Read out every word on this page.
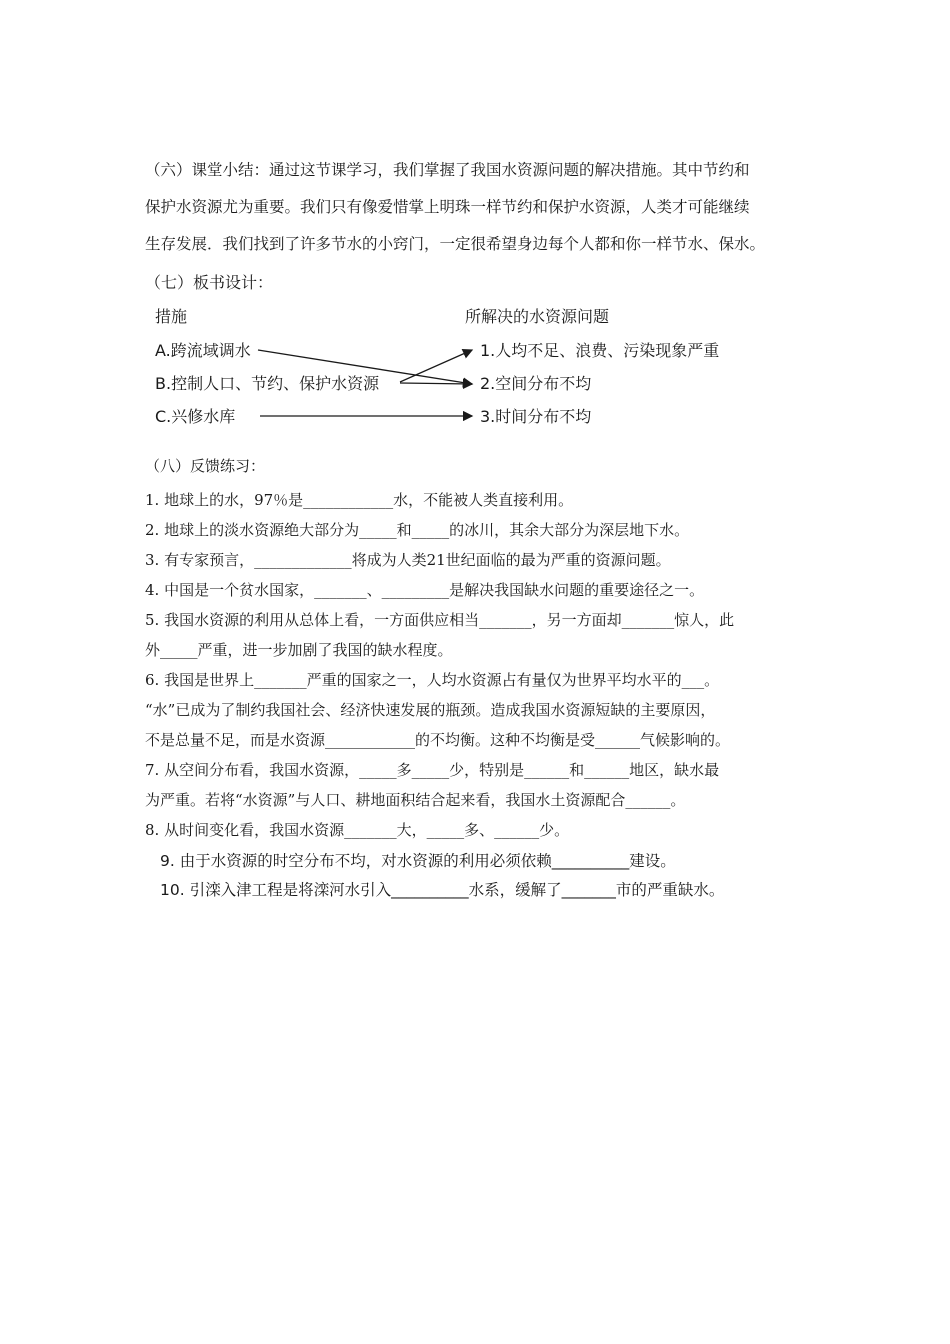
（六）课堂小结：通过这节课学习，我们掌握了我国水资源问题的解决措施。其中节约和
保护水资源尤为重要。我们只有像爱惜掌上明珠一样节约和保护水资源，人类才可能继续
生存发展．我们找到了许多节水的小窍门，一定很希望身边每个人都和你一样节水、保水。
（七）板书设计：
措施	所解决的水资源问题
A.跨流域调水
B.控制人口、节约、保护水资源
C.兴修水库
1.人均不足、浪费、污染现象严重
2.空间分布不均
3.时间分布不均
（八）反馈练习：
1. 地球上的水，97％是____________水，不能被人类直接利用。
2. 地球上的淡水资源绝大部分为_____和_____的冰川，其余大部分为深层地下水。
3. 有专家预言，_____________将成为人类21世纪面临的最为严重的资源问题。
4. 中国是一个贫水国家，_______、_________是解决我国缺水问题的重要途径之一。
5. 我国水资源的利用从总体上看，一方面供应相当_______，另一方面却_______惊人，此
外_____严重，进一步加剧了我国的缺水程度。
6. 我国是世界上_______严重的国家之一，人均水资源占有量仅为世界平均水平的___。
“水”已成为了制约我国社会、经济快速发展的瓶颈。造成我国水资源短缺的主要原因，
不是总量不足，而是水资源____________的不均衡。这种不均衡是受______气候影响的。
7. 从空间分布看，我国水资源，_____多_____少，特别是______和______地区，缺水最
为严重。若将“水资源”与人口、耕地面积结合起来看，我国水土资源配合______。
8. 从时间变化看，我国水资源_______大，_____多、______少。
9. 由于水资源的时空分布不均，对水资源的利用必须依赖__________建设。
10. 引滦入津工程是将滦河水引入__________水系，缓解了_______市的严重缺水。
